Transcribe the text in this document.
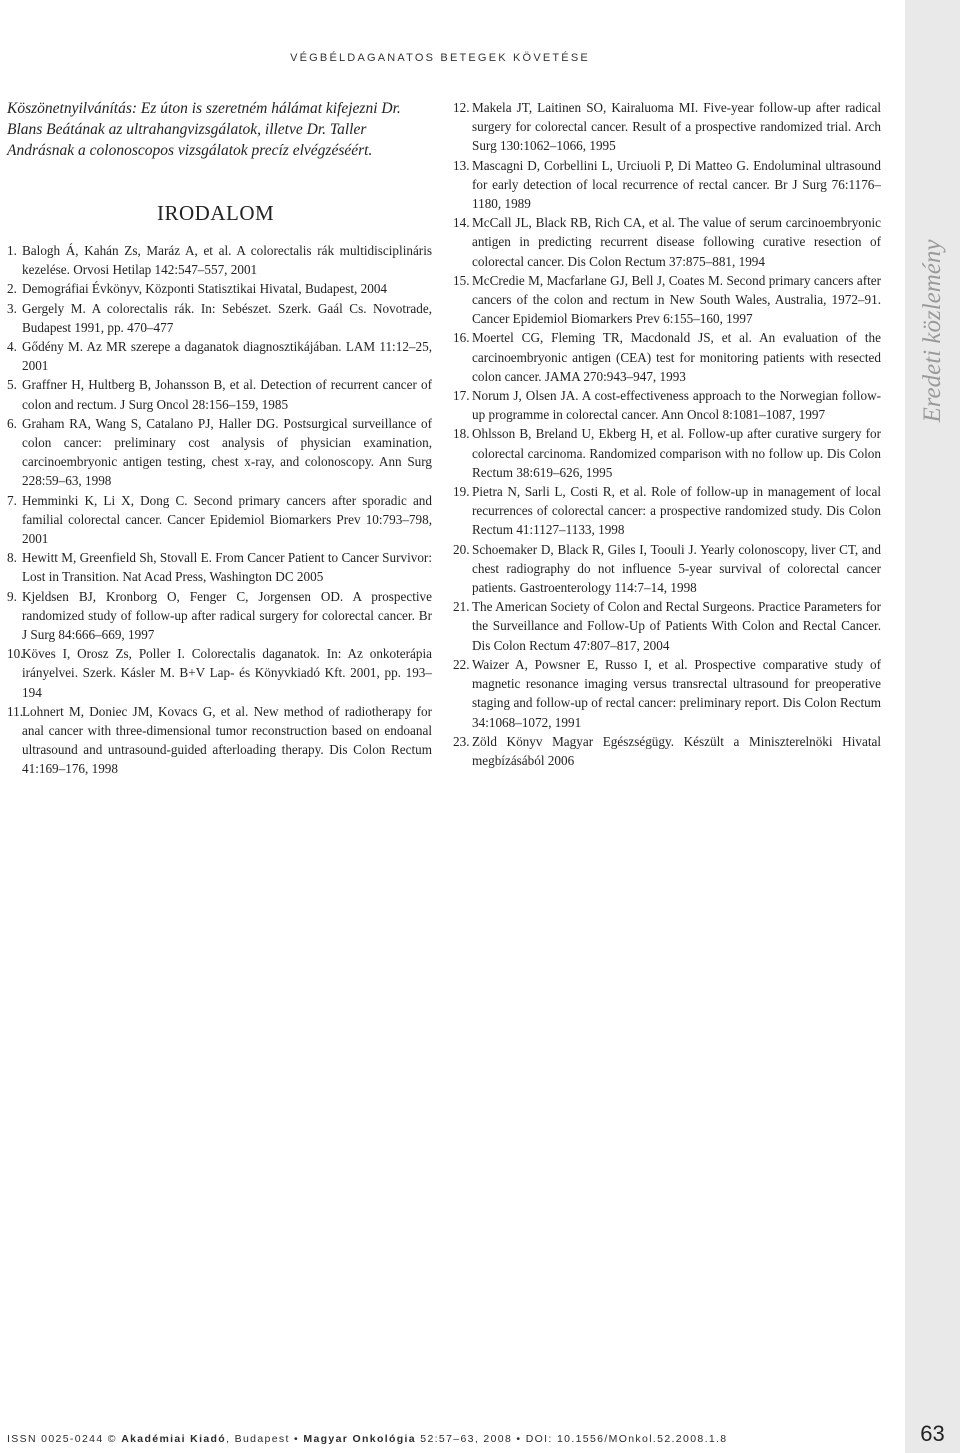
VÉGBÉLDAGANATOS BETEGEK KÖVETÉSE
Eredeti közlemény
63

Köszönetnyilvánítás: Ez úton is szeretném hálámat kifejezni Dr. Blans Beátának az ultrahangvizsgálatok, illetve Dr. Taller Andrásnak a colonoscopos vizsgálatok precíz elvégzéséért.

IRODALOM
1. Balogh Á, Kahán Zs, Maráz A, et al. A colorectalis rák multidisciplináris kezelése. Orvosi Hetilap 142:547–557, 2001
2. Demográfiai Évkönyv, Központi Statisztikai Hivatal, Budapest, 2004
3. Gergely M. A colorectalis rák. In: Sebészet. Szerk. Gaál Cs. Novotrade, Budapest 1991, pp. 470–477
4. Gődény M. Az MR szerepe a daganatok diagnosztikájában. LAM 11:12–25, 2001
5. Graffner H, Hultberg B, Johansson B, et al. Detection of recurrent cancer of colon and rectum. J Surg Oncol 28:156–159, 1985
6. Graham RA, Wang S, Catalano PJ, Haller DG. Postsurgical surveillance of colon cancer: preliminary cost analysis of physician examination, carcinoembryonic antigen testing, chest x-ray, and colonoscopy. Ann Surg 228:59–63, 1998
7. Hemminki K, Li X, Dong C. Second primary cancers after sporadic and familial colorectal cancer. Cancer Epidemiol Biomarkers Prev 10:793–798, 2001
8. Hewitt M, Greenfield Sh, Stovall E. From Cancer Patient to Cancer Survivor: Lost in Transition. Nat Acad Press, Washington DC 2005
9. Kjeldsen BJ, Kronborg O, Fenger C, Jorgensen OD. A prospective randomized study of follow-up after radical surgery for colorectal cancer. Br J Surg 84:666–669, 1997
10.
Köves I, Orosz Zs, Poller I. Colorectalis daganatok. In: Az onkoterápia irányelvei. Szerk. Kásler M. B+V Lap- és Könyvkiadó Kft. 2001, pp. 193–194
11. Lohnert M, Doniec JM, Kovacs G, et al. New method of radiotherapy for anal cancer with three-dimensional tumor reconstruction based on endoanal ultrasound and untrasound-guided afterloading therapy. Dis Colon Rectum 41:169–176, 1998
12. Makela JT, Laitinen SO, Kairaluoma MI. Five-year follow-up after radical surgery for colorectal cancer. Result of a prospective randomized trial. Arch Surg 130:1062–1066, 1995
13. Mascagni D, Corbellini L, Urciuoli P, Di Matteo G. Endoluminal ultrasound for early detection of local recurrence of rectal cancer. Br J Surg 76:1176–1180, 1989
14. McCall JL, Black RB, Rich CA, et al. The value of serum carcinoembryonic antigen in predicting recurrent disease following curative resection of colorectal cancer. Dis Colon Rectum 37:875–881, 1994
15. McCredie M, Macfarlane GJ, Bell J, Coates M. Second primary cancers after cancers of the colon and rectum in New South Wales, Australia, 1972–91. Cancer Epidemiol Biomarkers Prev 6:155–160, 1997
16. Moertel CG, Fleming TR, Macdonald JS, et al. An evaluation of the carcinoembryonic antigen (CEA) test for monitoring patients with resected colon cancer. JAMA 270:943–947, 1993
17. Norum J, Olsen JA. A cost-effectiveness approach to the Norwegian follow-up programme in colorectal cancer. Ann Oncol 8:1081–1087, 1997
18. Ohlsson B, Breland U, Ekberg H, et al. Follow-up after curative surgery for colorectal carcinoma. Randomized comparison with no follow up. Dis Colon Rectum 38:619–626, 1995
19. Pietra N, Sarli L, Costi R, et al. Role of follow-up in management of local recurrences of colorectal cancer: a prospective randomized study. Dis Colon Rectum 41:1127–1133, 1998
20. Schoemaker D, Black R, Giles I, Toouli J. Yearly colonoscopy, liver CT, and chest radiography do not influence 5-year survival of colorectal cancer patients. Gastroenterology 114:7–14, 1998
21. The American Society of Colon and Rectal Surgeons. Practice Parameters for the Surveillance and Follow-Up of Patients With Colon and Rectal Cancer. Dis Colon Rectum 47:807–817, 2004
22. Waizer A, Powsner E, Russo I, et al. Prospective comparative study of magnetic resonance imaging versus transrectal ultrasound for preoperative staging and follow-up of rectal cancer: preliminary report. Dis Colon Rectum 34:1068–1072, 1991
23. Zöld Könyv Magyar Egészségügy. Készült a Miniszterelnöki Hivatal megbízásából 2006
ISSN 0025-0244 © Akadémiai Kiadó, Budapest • Magyar Onkológia 52:57–63, 2008 • DOI: 10.1556/MOnkol.52.2008.1.8
